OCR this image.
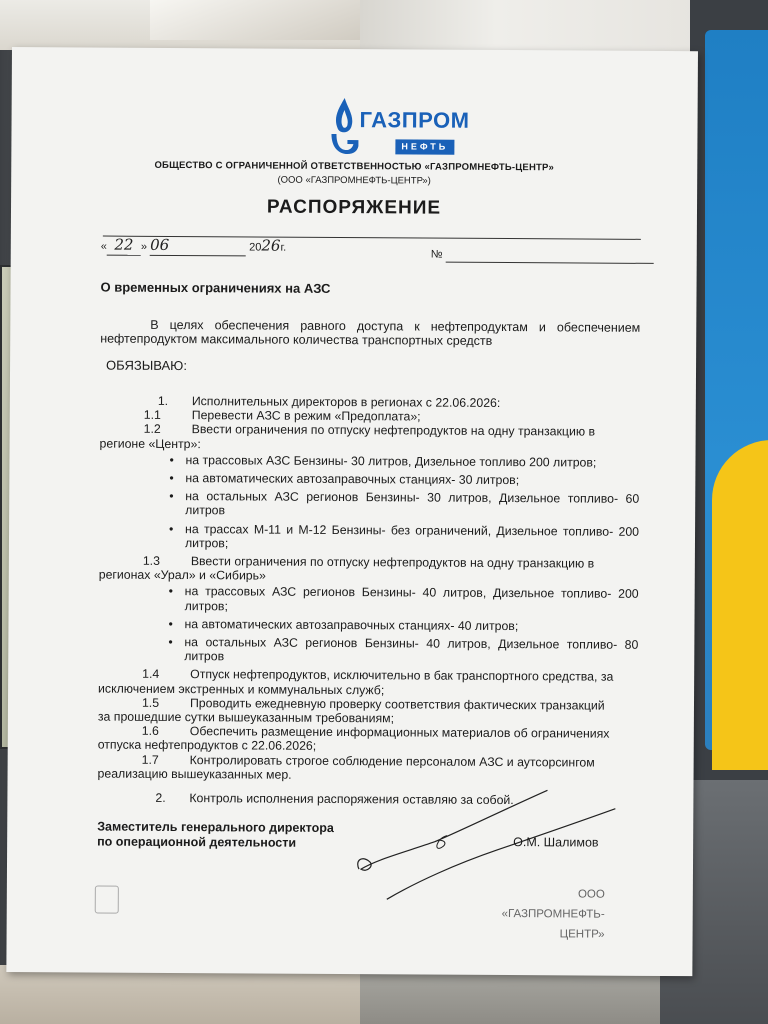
ГАЗПРОМ
НЕФТЬ
ОБЩЕСТВО С ОГРАНИЧЕННОЙ ОТВЕТСТВЕННОСТЬЮ «ГАЗПРОМНЕФТЬ-ЦЕНТР»
(ООО «ГАЗПРОМНЕФТЬ-ЦЕНТР»)
РАСПОРЯЖЕНИЕ
« 22 » 06	2026г.
№
О временных ограничениях на АЗС
В целях обеспечения равного доступа к нефтепродуктам и обеспечением нефтепродуктом максимального количества транспортных средств
ОБЯЗЫВАЮ:
1.	Исполнительных директоров в регионах с 22.06.2026:
1.1	Перевести АЗС в режим «Предоплата»;
1.2	Ввести ограничения по отпуску нефтепродуктов на одну транзакцию в
регионе «Центр»:
• на трассовых АЗС Бензины- 30 литров, Дизельное топливо 200 литров;
• на автоматических автозаправочных станциях- 30 литров;
• на остальных АЗС регионов Бензины- 30 литров, Дизельное топливо- 60 литров
• на трассах М-11 и М-12 Бензины- без ограничений, Дизельное топливо- 200 литров;
1.3	Ввести ограничения по отпуску нефтепродуктов на одну транзакцию в
регионах «Урал» и «Сибирь»
• на трассовых АЗС регионов Бензины- 40 литров, Дизельное топливо- 200 литров;
• на автоматических автозаправочных станциях- 40 литров;
• на остальных АЗС регионов Бензины- 40 литров, Дизельное топливо- 80 литров
1.4	Отпуск нефтепродуктов, исключительно в бак транспортного средства, за
исключением экстренных и коммунальных служб;
1.5	Проводить ежедневную проверку соответствия фактических транзакций
за прошедшие сутки вышеуказанным требованиям;
1.6	Обеспечить размещение информационных материалов об ограничениях
отпуска нефтепродуктов с 22.06.2026;
1.7	Контролировать строгое соблюдение персоналом АЗС и аутсорсингом
реализацию вышеуказанных мер.
2.	Контроль исполнения распоряжения оставляю за собой.
Заместитель генерального директора
по операционной деятельности	О.М. Шалимов
ООО «ГАЗПРОМНЕФТЬ-
ЦЕНТР»
